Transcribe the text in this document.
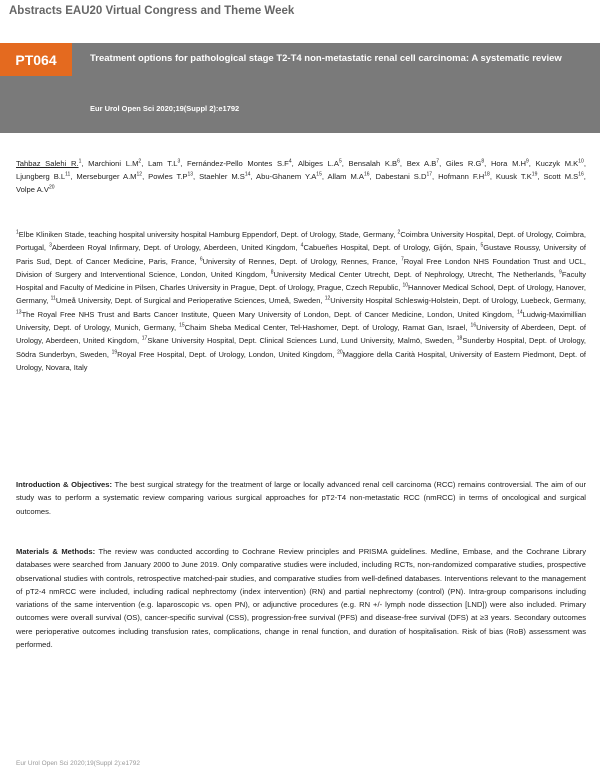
Abstracts EAU20 Virtual Congress and Theme Week
PT064	Treatment options for pathological stage T2-T4 non-metastatic renal cell carcinoma: A systematic review
Eur Urol Open Sci 2020;19(Suppl 2):e1792
Tahbaz Salehi R.$^1$, Marchioni $L.M^2$, Lam $T.L^3$, Fernández-Pello Montes $S.F^4$, Albiges $L.A^5$, Bensalah $K.B^6$, Bex $A.B^7$, Giles $R.G^8$, Hora $M.H^9$, Kuczyk $M.K^{10}$, Ljungberg $B.L^{11}$, Merseburger $A.M^{12}$, Powles $T.P^{13}$, Staehler $M.S^{14}$, Abu-Ghanem $Y.A^{15}$, Allam $M.A^{16}$, Dabestani $S.D^{17}$, Hofmann $F.H^{18}$, Kuusk $T.K^{19}$, Scott $M.S^{16}$, Volpe $A.V^{20}$
$^1$Elbe Kliniken Stade, teaching hospital university hospital Hamburg Eppendorf, Dept. of Urology, Stade, Germany, $^2$Coimbra University Hospital, Dept. of Urology, Coimbra, Portugal, $^3$Aberdeen Royal Infirmary, Dept. of Urology, Aberdeen, United Kingdom, $^4$Cabueñes Hospital, Dept. of Urology, Gijón, Spain, $^5$Gustave Roussy, University of Paris Sud, Dept. of Cancer Medicine, Paris, France, $^6$University of Rennes, Dept. of Urology, Rennes, France, $^7$Royal Free London NHS Foundation Trust and UCL, Division of Surgery and Interventional Science, London, United Kingdom, $^8$University Medical Center Utrecht, Dept. of Nephrology, Utrecht, The Netherlands, $^9$Faculty Hospital and Faculty of Medicine in Pilsen, Charles University in Prague, Dept. of Urology, Prague, Czech Republic, $^{10}$Hannover Medical School, Dept. of Urology, Hanover, Germany, $^{11}$Umeå University, Dept. of Surgical and Perioperative Sciences, Umeå, Sweden, $^{12}$University Hospital Schleswig-Holstein, Dept. of Urology, Luebeck, Germany, $^{13}$The Royal Free NHS Trust and Barts Cancer Institute, Queen Mary University of London, Dept. of Cancer Medicine, London, United Kingdom, $^{14}$Ludwig-Maximillian University, Dept. of Urology, Munich, Germany, $^{15}$Chaim Sheba Medical Center, Tel-Hashomer, Dept. of Urology, Ramat Gan, Israel, $^{16}$University of Aberdeen, Dept. of Urology, Aberdeen, United Kingdom, $^{17}$Skane University Hospital, Dept. Clinical Sciences Lund, Lund University, Malmö, Sweden, $^{18}$Sunderby Hospital, Dept. of Urology, Södra Sunderbyn, Sweden, $^{19}$Royal Free Hospital, Dept. of Urology, London, United Kingdom, $^{20}$Maggiore della Carità Hospital, University of Eastern Piedmont, Dept. of Urology, Novara, Italy
Introduction & Objectives: The best surgical strategy for the treatment of large or locally advanced renal cell carcinoma (RCC) remains controversial. The aim of our study was to perform a systematic review comparing various surgical approaches for pT2-T4 non-metastatic RCC (nmRCC) in terms of oncological and surgical outcomes.
Materials & Methods: The review was conducted according to Cochrane Review principles and PRISMA guidelines. Medline, Embase, and the Cochrane Library databases were searched from January 2000 to June 2019. Only comparative studies were included, including RCTs, non-randomized comparative studies, prospective observational studies with controls, retrospective matched-pair studies, and comparative studies from well-defined databases. Interventions relevant to the management of pT2-4 nmRCC were included, including radical nephrectomy (index intervention) (RN) and partial nephrectomy (control) (PN). Intra-group comparisons including variations of the same intervention (e.g. laparoscopic vs. open PN), or adjunctive procedures (e.g. RN +/- lymph node dissection [LND]) were also included. Primary outcomes were overall survival (OS), cancer-specific survival (CSS), progression-free survival (PFS) and disease-free survival (DFS) at ≥3 years. Secondary outcomes were perioperative outcomes including transfusion rates, complications, change in renal function, and duration of hospitalisation. Risk of bias (RoB) assessment was performed.
Eur Urol Open Sci 2020;19(Suppl 2):e1792
